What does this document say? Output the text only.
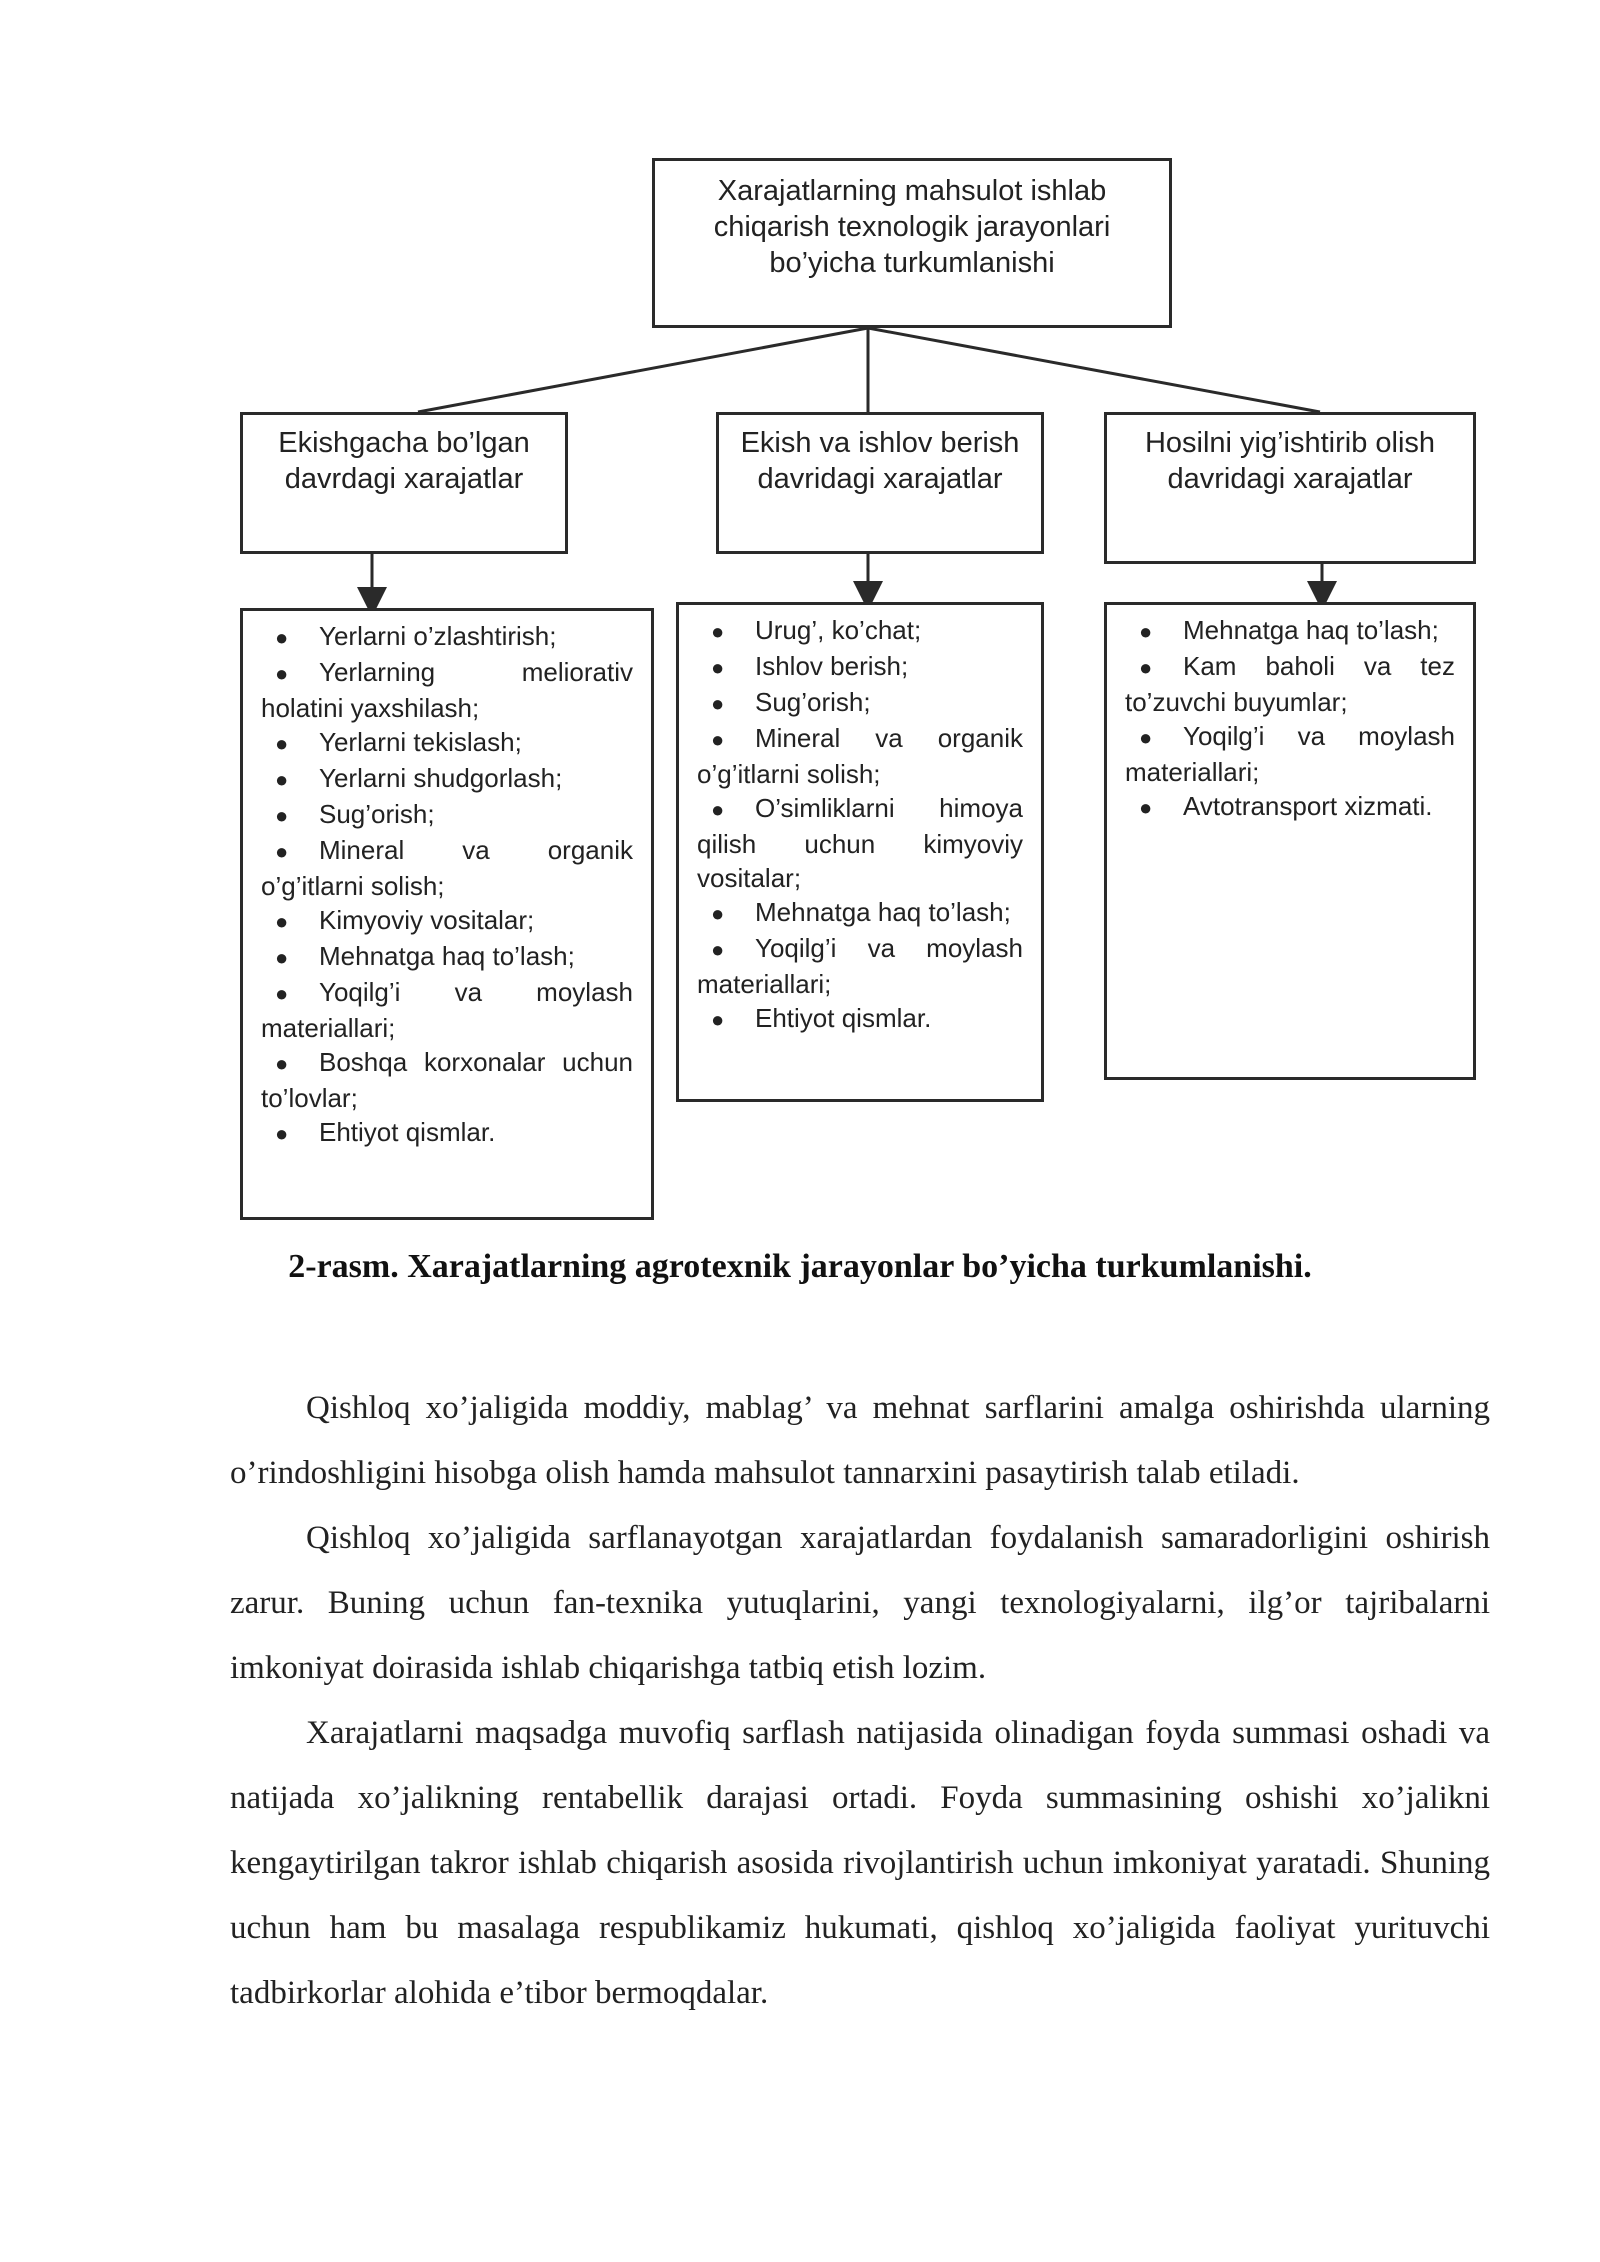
Xarajatlarning mahsulot ishlab chiqarish texnologik jarayonlari bo’yicha turkumlanishi
Ekishgacha bo’lgan davrdagi xarajatlar
Ekish va ishlov berish davridagi xarajatlar
Hosilni yig’ishtirib olish davridagi xarajatlar
● Yerlarni o’zlashtirish;
● Yerlarning meliorativ holatini yaxshilash;
● Yerlarni tekislash;
● Yerlarni shudgorlash;
● Sug’orish;
● Mineral va organik o’g’itlarni solish;
● Kimyoviy vositalar;
● Mehnatga haq to’lash;
● Yoqilg’i va moylash materiallari;
● Boshqa korxonalar uchun to’lovlar;
● Ehtiyot qismlar.
● Urug’, ko’chat;
● Ishlov berish;
● Sug’orish;
● Mineral va organik o’g’itlarni solish;
● O’simliklarni himoya qilish uchun kimyoviy vositalar;
● Mehnatga haq to’lash;
● Yoqilg’i va moylash materiallari;
● Ehtiyot qismlar.
● Mehnatga haq to’lash;
● Kam baholi va tez to’zuvchi buyumlar;
● Yoqilg’i va moylash materiallari;
● Avtotransport xizmati.
2-rasm. Xarajatlarning agrotexnik jarayonlar bo’yicha turkumlanishi.

Qishloq xo’jaligida moddiy, mablag’ va mehnat sarflarini amalga oshirishda ularning o’rindoshligini hisobga olish hamda mahsulot tannarxini pasaytirish talab etiladi.

Qishloq xo’jaligida sarflanayotgan xarajatlardan foydalanish samaradorligini oshirish zarur. Buning uchun fan-texnika yutuqlarini, yangi texnologiyalarni, ilg’or tajribalarni imkoniyat doirasida ishlab chiqarishga tatbiq etish lozim.

Xarajatlarni maqsadga muvofiq sarflash natijasida olinadigan foyda summasi oshadi va natijada xo’jalikning rentabellik darajasi ortadi. Foyda summasining oshishi xo’jalikni kengaytirilgan takror ishlab chiqarish asosida rivojlantirish uchun imkoniyat yaratadi. Shuning uchun ham bu masalaga respublikamiz hukumati, qishloq xo’jaligida faoliyat yurituvchi tadbirkorlar alohida e’tibor bermoqdalar.
